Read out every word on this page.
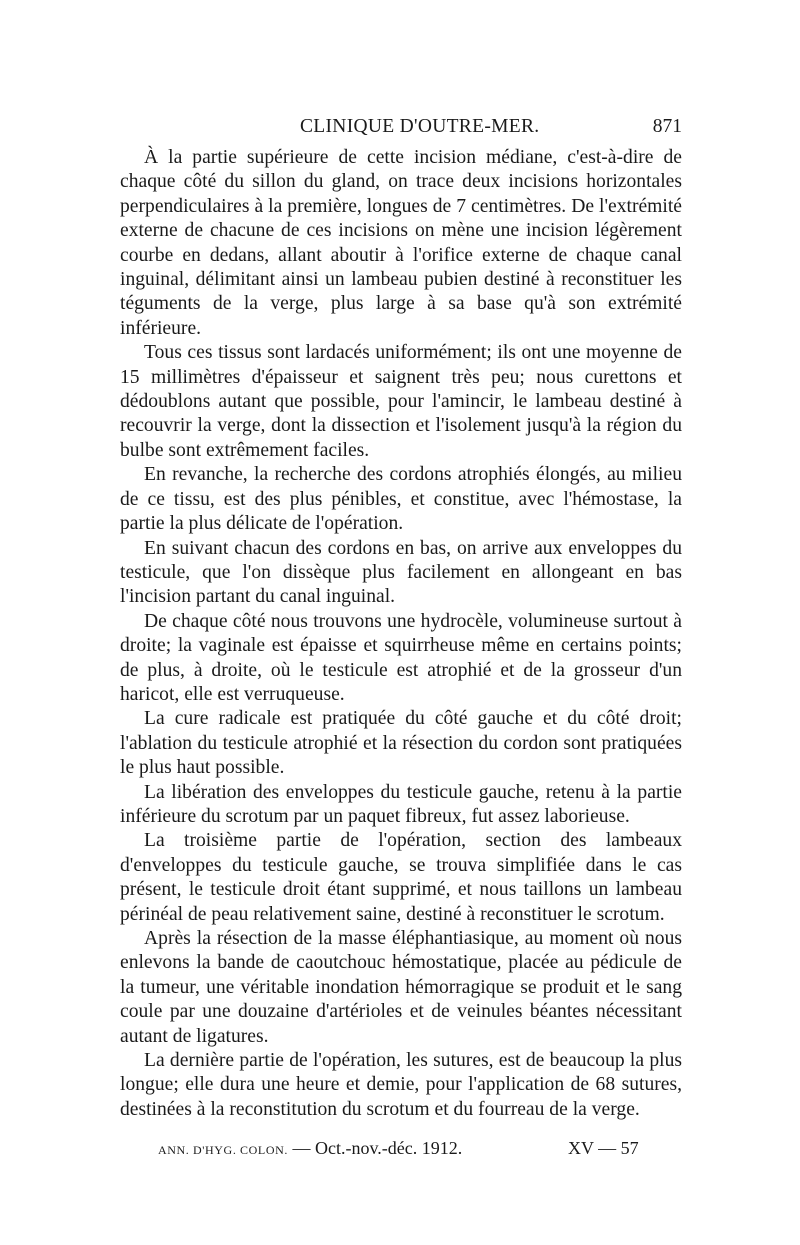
CLINIQUE D'OUTRE-MER.	871

À la partie supérieure de cette incision médiane, c'est-à-dire de chaque côté du sillon du gland, on trace deux incisions horizontales perpendiculaires à la première, longues de 7 centimètres. De l'extrémité externe de chacune de ces incisions on mène une incision légèrement courbe en dedans, allant aboutir à l'orifice externe de chaque canal inguinal, délimitant ainsi un lambeau pubien destiné à reconstituer les téguments de la verge, plus large à sa base qu'à son extrémité inférieure.

Tous ces tissus sont lardacés uniformément; ils ont une moyenne de 15 millimètres d'épaisseur et saignent très peu; nous curettons et dédoublons autant que possible, pour l'amincir, le lambeau destiné à recouvrir la verge, dont la dissection et l'isolement jusqu'à la région du bulbe sont extrêmement faciles.

En revanche, la recherche des cordons atrophiés élongés, au milieu de ce tissu, est des plus pénibles, et constitue, avec l'hémostase, la partie la plus délicate de l'opération.

En suivant chacun des cordons en bas, on arrive aux enveloppes du testicule, que l'on dissèque plus facilement en allongeant en bas l'incision partant du canal inguinal.

De chaque côté nous trouvons une hydrocèle, volumineuse surtout à droite; la vaginale est épaisse et squirrheuse même en certains points; de plus, à droite, où le testicule est atrophié et de la grosseur d'un haricot, elle est verruqueuse.

La cure radicale est pratiquée du côté gauche et du côté droit; l'ablation du testicule atrophié et la résection du cordon sont pratiquées le plus haut possible.

La libération des enveloppes du testicule gauche, retenu à la partie inférieure du scrotum par un paquet fibreux, fut assez laborieuse.

La troisième partie de l'opération, section des lambeaux d'enveloppes du testicule gauche, se trouva simplifiée dans le cas présent, le testicule droit étant supprimé, et nous taillons un lambeau périnéal de peau relativement saine, destiné à reconstituer le scrotum.

Après la résection de la masse éléphantiasique, au moment où nous enlevons la bande de caoutchouc hémostatique, placée au pédicule de la tumeur, une véritable inondation hémorragique se produit et le sang coule par une douzaine d'artérioles et de veinules béantes nécessitant autant de ligatures.

La dernière partie de l'opération, les sutures, est de beaucoup la plus longue; elle dura une heure et demie, pour l'application de 68 sutures, destinées à la reconstitution du scrotum et du fourreau de la verge.

ANN. D'HYG. COLON. — Oct.-nov.-déc. 1912.	XV — 57
